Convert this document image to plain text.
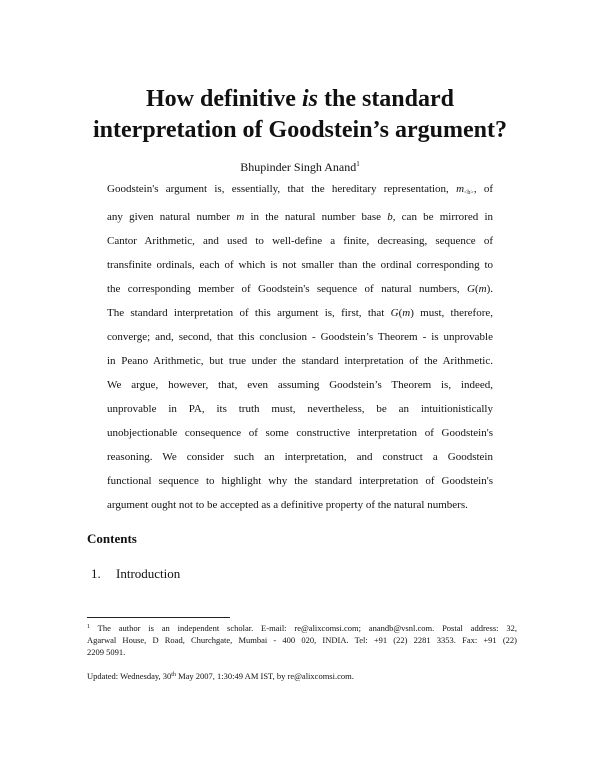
How definitive is the standard
interpretation of Goodstein’s argument?
Bhupinder Singh Anand$^1$
Goodstein's argument is, essentially, that the hereditary representation, $m_{<b>}$, of
any given natural number m in the natural number base b, can be mirrored in
Cantor Arithmetic, and used to well-define a finite, decreasing, sequence of
transfinite ordinals, each of which is not smaller than the ordinal corresponding to
the corresponding member of Goodstein's sequence of natural numbers, G(m).
The standard interpretation of this argument is, first, that G(m) must, therefore,
converge; and, second, that this conclusion - Goodstein’s Theorem - is unprovable
in Peano Arithmetic, but true under the standard interpretation of the Arithmetic.
We argue, however, that, even assuming Goodstein’s Theorem is, indeed,
unprovable in PA, its truth must, nevertheless, be an intuitionistically
unobjectionable consequence of some constructive interpretation of Goodstein's
reasoning. We consider such an interpretation, and construct a Goodstein
functional sequence to highlight why the standard interpretation of Goodstein's
argument ought not to be accepted as a definitive property of the natural numbers.
Contents
1. Introduction

$^1$ The author is an independent scholar. E-mail: re@alixcomsi.com; anandb@vsnl.com. Postal address: 32,
Agarwal House, D Road, Churchgate, Mumbai - 400 020, INDIA. Tel: +91 (22) 2281 3353. Fax: +91 (22)
2209 5091.

Updated: Wednesday, 30th May 2007, 1:30:49 AM IST, by re@alixcomsi.com.
